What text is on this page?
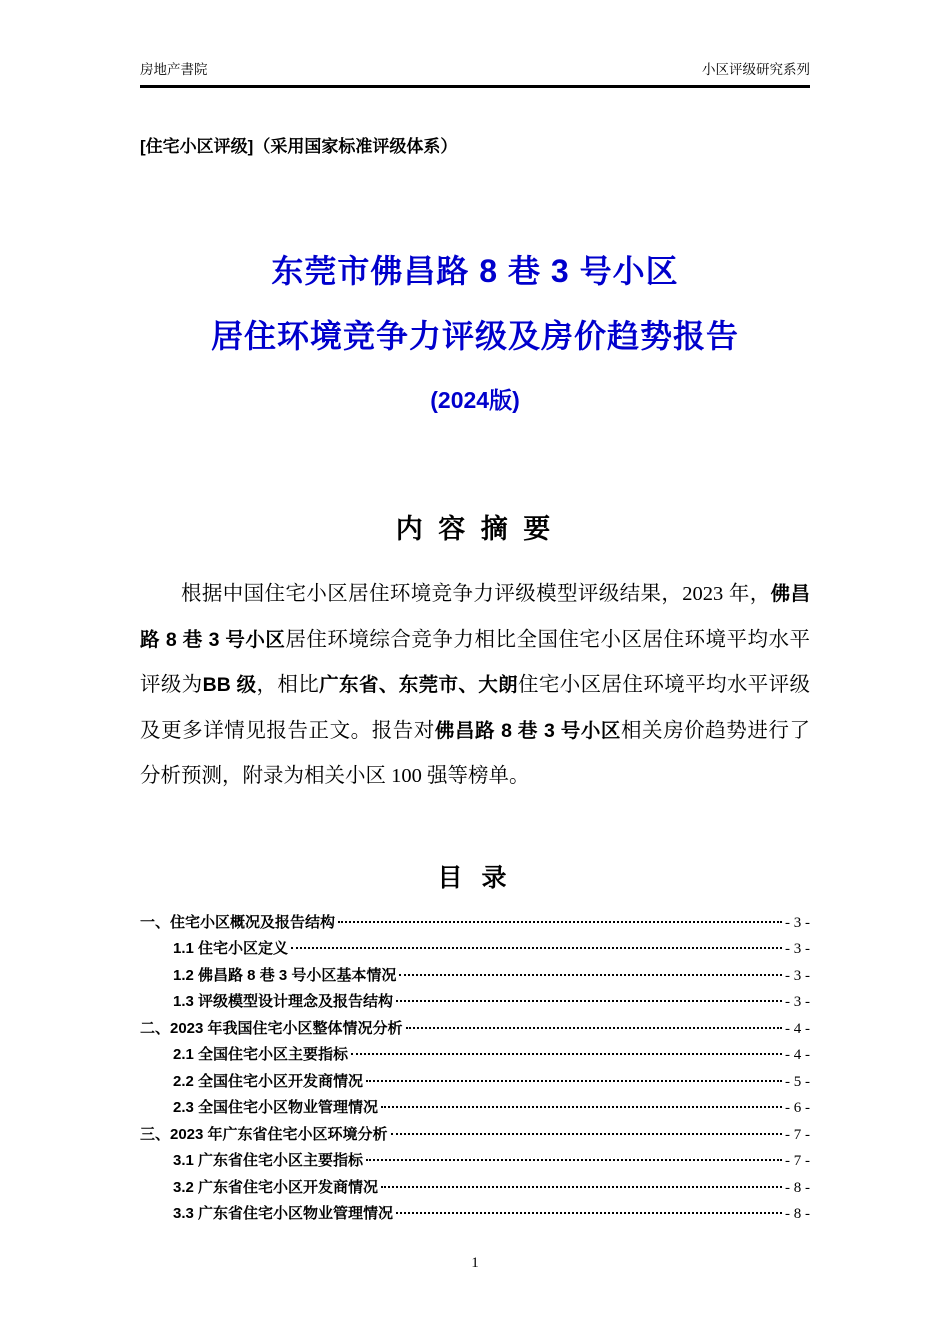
房地产書院	小区评级研究系列
[住宅小区评级]（采用国家标准评级体系）
东莞市佛昌路 8 巷 3 号小区
居住环境竞争力评级及房价趋势报告
(2024版)
内 容 摘 要

根据中国住宅小区居住环境竞争力评级模型评级结果，2023 年，佛昌路 8 巷 3 号小区居住环境综合竞争力相比全国住宅小区居住环境平均水平评级为BB 级，相比广东省、东莞市、大朗住宅小区居住环境平均水平评级及更多详情见报告正文。报告对佛昌路 8 巷 3 号小区相关房价趋势进行了分析预测，附录为相关小区 100 强等榜单。

目 录
一、住宅小区概况及报告结构	- 3 -
1.1 住宅小区定义	- 3 -
1.2 佛昌路 8 巷 3 号小区基本情况	- 3 -
1.3 评级模型设计理念及报告结构	- 3 -
二、2023 年我国住宅小区整体情况分析	- 4 -
2.1 全国住宅小区主要指标	- 4 -
2.2 全国住宅小区开发商情况	- 5 -
2.3 全国住宅小区物业管理情况	- 6 -
三、2023 年广东省住宅小区环境分析	- 7 -
3.1 广东省住宅小区主要指标	- 7 -
3.2 广东省住宅小区开发商情况	- 8 -
3.3 广东省住宅小区物业管理情况	- 8 -
1
